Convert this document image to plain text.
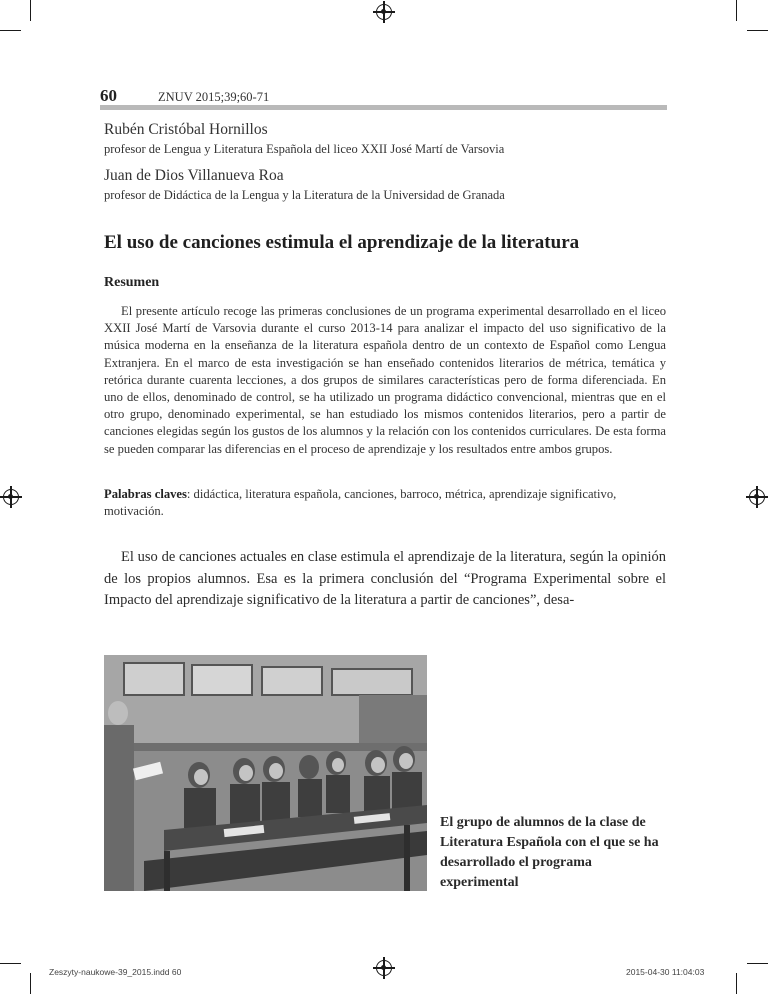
60	ZNUV 2015;39;60-71
Rubén Cristóbal Hornillos
profesor de Lengua y Literatura Española del liceo XXII José Martí de Varsovia
Juan de Dios Villanueva Roa
profesor de Didáctica de la Lengua y la Literatura de la Universidad de Granada
El uso de canciones estimula el aprendizaje de la literatura
Resumen

El presente artículo recoge las primeras conclusiones de un programa experimental desarrollado en el liceo XXII José Martí de Varsovia durante el curso 2013-14 para analizar el impacto del uso significativo de la música moderna en la enseñanza de la literatura española dentro de un contexto de Español como Lengua Extranjera. En el marco de esta investigación se han enseñado contenidos literarios de métrica, temática y retórica durante cuarenta lecciones, a dos grupos de similares características pero de forma diferenciada. En uno de ellos, denominado de control, se ha utilizado un programa didáctico convencional, mientras que en el otro grupo, denominado experimental, se han estudiado los mismos contenidos literarios, pero a partir de canciones elegidas según los gustos de los alumnos y la relación con los contenidos curriculares. De esta forma se pueden comparar las diferencias en el proceso de aprendizaje y los resultados entre ambos grupos.

Palabras claves: didáctica, literatura española, canciones, barroco, métrica, aprendizaje significativo, motivación.

El uso de canciones actuales en clase estimula el aprendizaje de la literatura, según la opinión de los propios alumnos. Esa es la primera conclusión del “Programa Experimental sobre el Impacto del aprendizaje significativo de la literatura a partir de canciones”, desa-

El grupo de alumnos de la clase de Literatura Española con el que se ha desarrollado el programa experimental

Zeszyty-naukowe-39_2015.indd 60	2015-04-30 11:04:03
